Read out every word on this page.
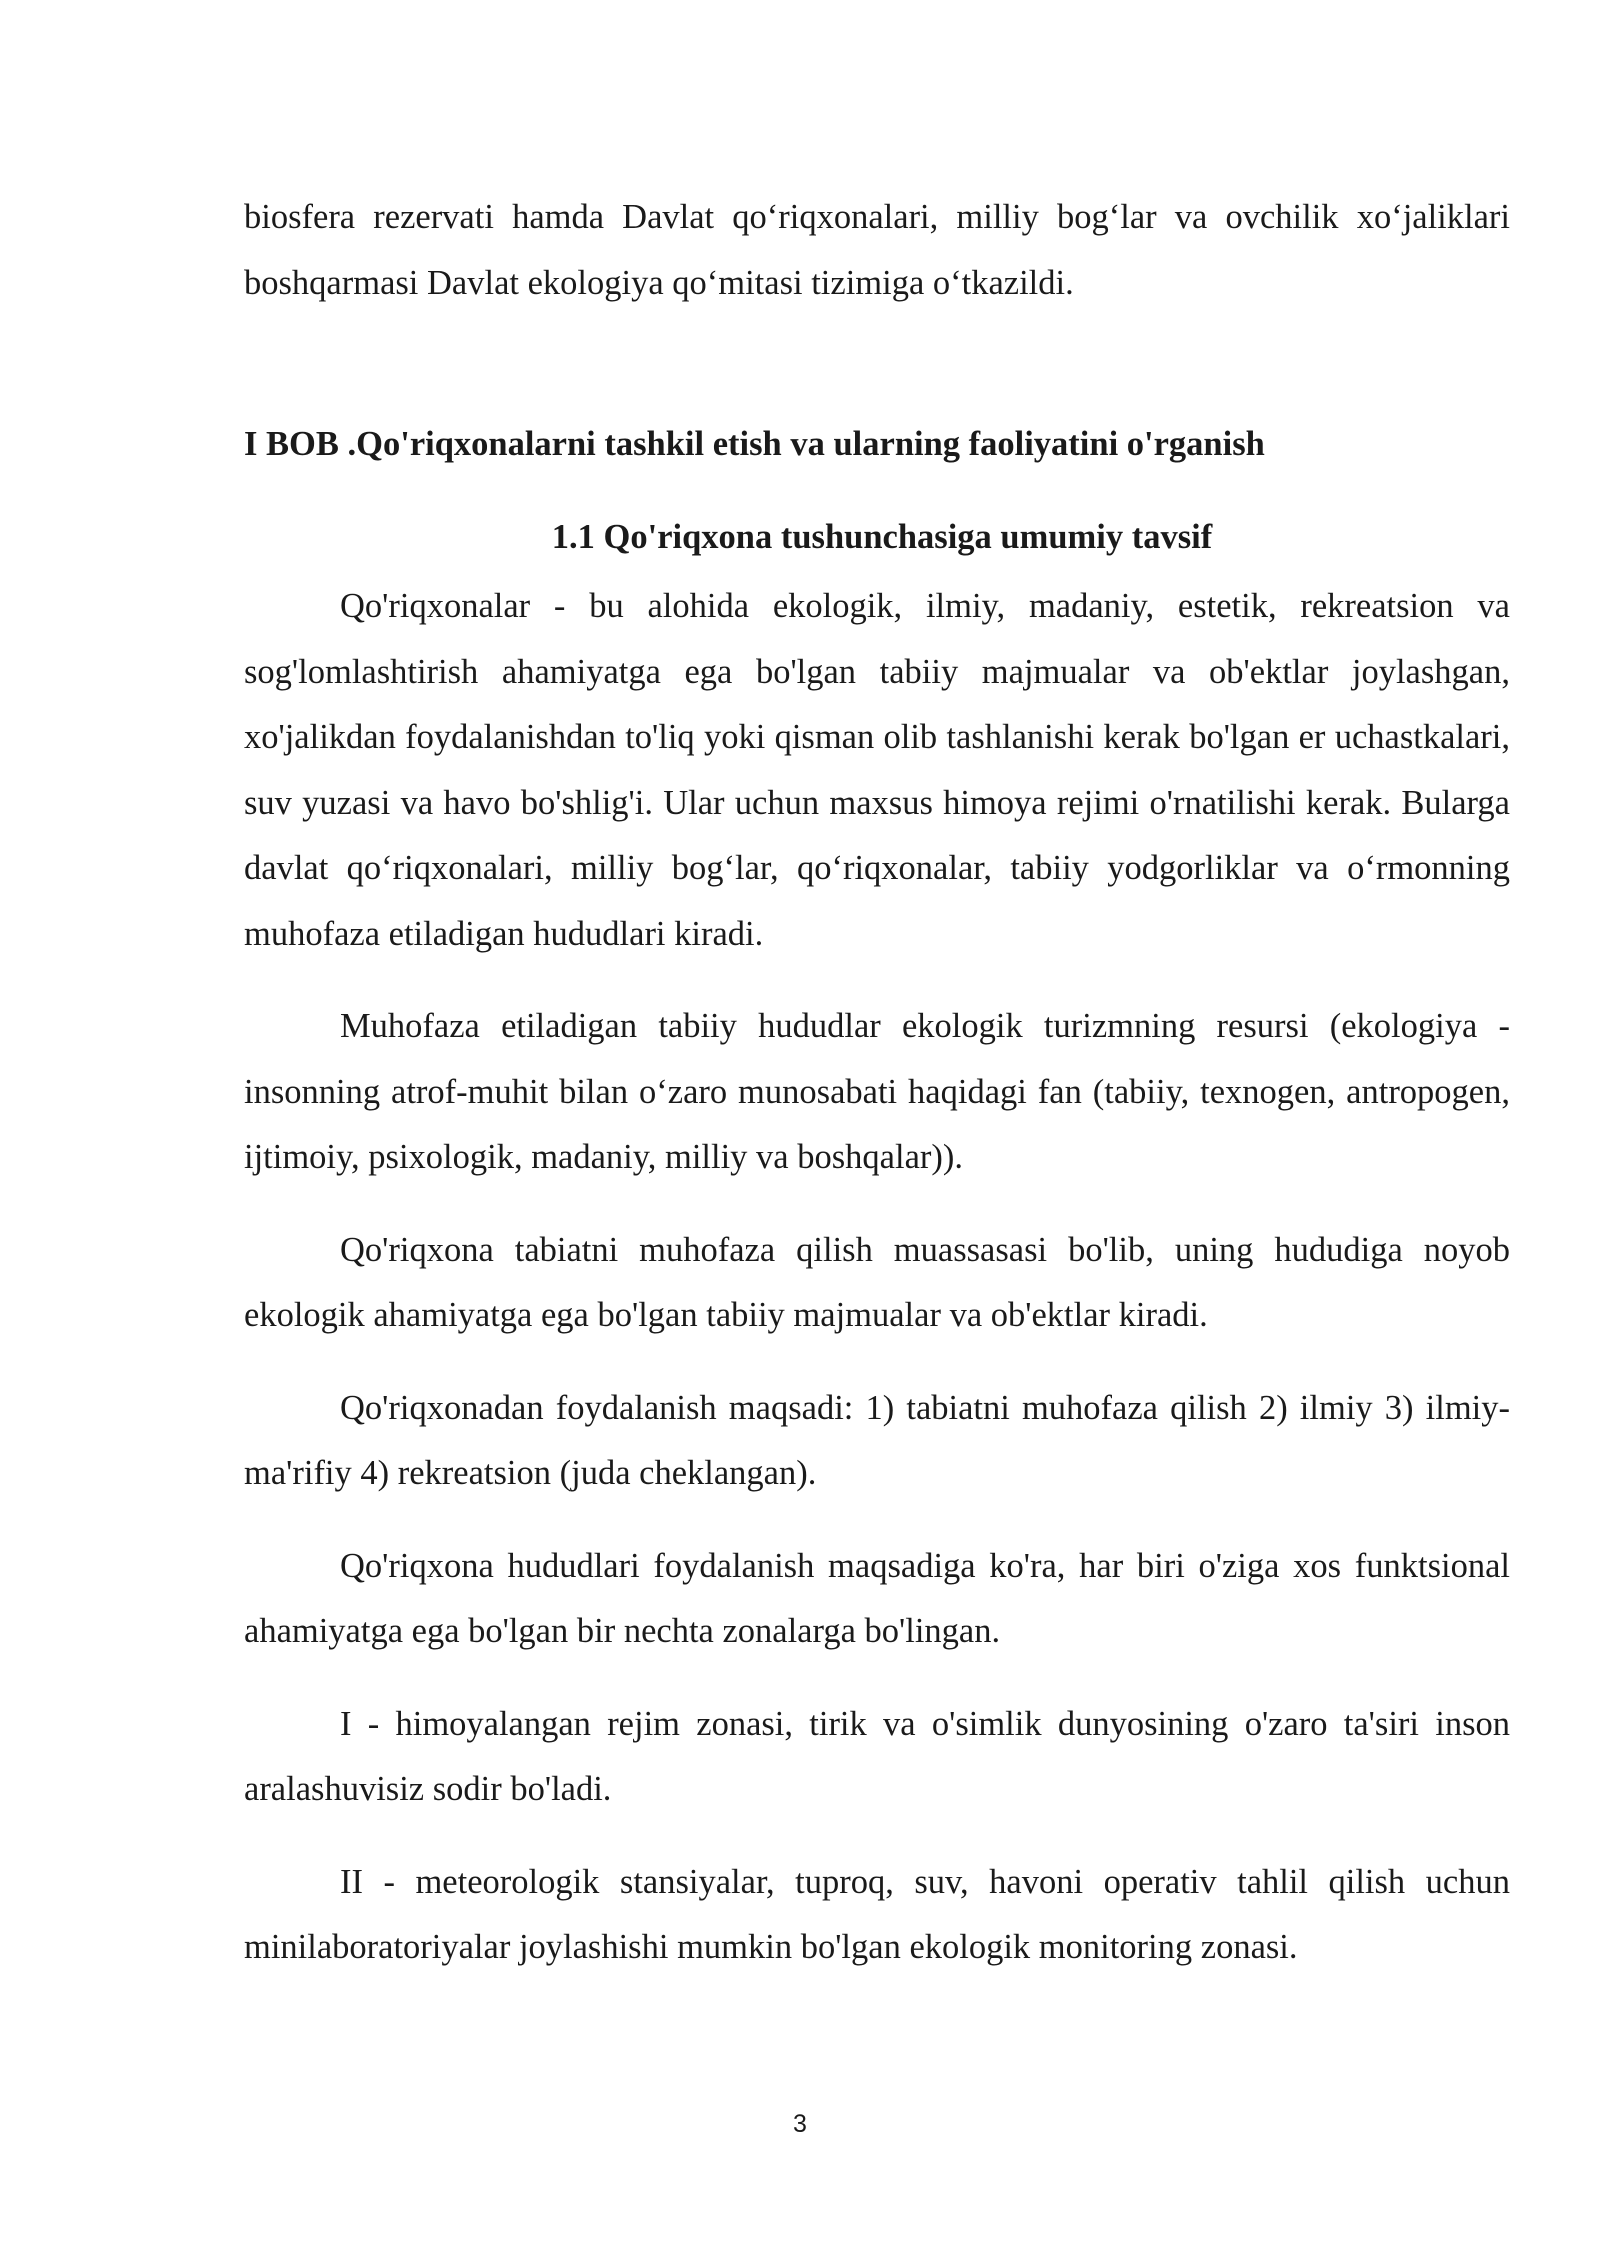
biosfera rezervati hamda Davlat qo‘riqxonalari, milliy bog‘lar va ovchilik xo‘jaliklari boshqarmasi Davlat ekologiya qo‘mitasi tizimiga o‘tkazildi.

I BOB .Qo'riqxonalarni tashkil etish va ularning faoliyatini o'rganish
1.1 Qo'riqxona tushunchasiga umumiy tavsif

Qo'riqxonalar - bu alohida ekologik, ilmiy, madaniy, estetik, rekreatsion va sog'lomlashtirish ahamiyatga ega bo'lgan tabiiy majmualar va ob'ektlar joylashgan, xo'jalikdan foydalanishdan to'liq yoki qisman olib tashlanishi kerak bo'lgan er uchastkalari, suv yuzasi va havo bo'shlig'i. Ular uchun maxsus himoya rejimi o'rnatilishi kerak. Bularga davlat qo‘riqxonalari, milliy bog‘lar, qo‘riqxonalar, tabiiy yodgorliklar va o‘rmonning muhofaza etiladigan hududlari kiradi.

Muhofaza etiladigan tabiiy hududlar ekologik turizmning resursi (ekologiya - insonning atrof-muhit bilan o‘zaro munosabati haqidagi fan (tabiiy, texnogen, antropogen, ijtimoiy, psixologik, madaniy, milliy va boshqalar)).

Qo'riqxona tabiatni muhofaza qilish muassasasi bo'lib, uning hududiga noyob ekologik ahamiyatga ega bo'lgan tabiiy majmualar va ob'ektlar kiradi.

Qo'riqxonadan foydalanish maqsadi: 1) tabiatni muhofaza qilish 2) ilmiy 3) ilmiy-ma'rifiy 4) rekreatsion (juda cheklangan).

Qo'riqxona hududlari foydalanish maqsadiga ko'ra, har biri o'ziga xos funktsional ahamiyatga ega bo'lgan bir nechta zonalarga bo'lingan.

I - himoyalangan rejim zonasi, tirik va o'simlik dunyosining o'zaro ta'siri inson aralashuvisiz sodir bo'ladi.

II - meteorologik stansiyalar, tuproq, suv, havoni operativ tahlil qilish uchun minilaboratoriyalar joylashishi mumkin bo'lgan ekologik monitoring zonasi.

3
